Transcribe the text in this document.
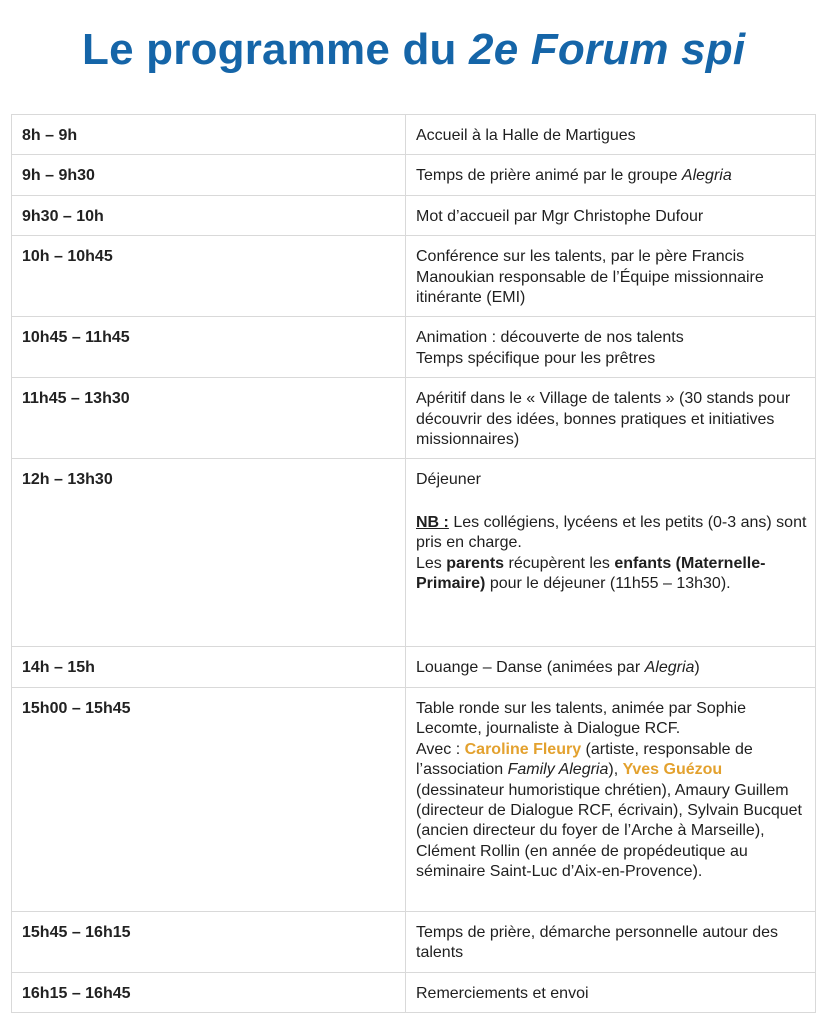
Le programme du 2e Forum spi
8h – 9h	Accueil à la Halle de Martigues
9h – 9h30	Temps de prière animé par le groupe Alegria
9h30 – 10h	Mot d’accueil par Mgr Christophe Dufour
10h – 10h45	Conférence sur les talents, par le père Francis Manoukian responsable de l’Équipe missionnaire itinérante (EMI)
10h45 – 11h45	Animation : découverte de nos talents
Temps spécifique pour les prêtres
11h45 – 13h30	Apéritif dans le « Village de talents » (30 stands pour découvrir des idées, bonnes pratiques et initiatives missionnaires)
12h – 13h30	Déjeuner
NB : Les collégiens, lycéens et les petits (0-3 ans) sont pris en charge.
Les parents récupèrent les enfants (Maternelle-Primaire) pour le déjeuner (11h55 – 13h30).
14h – 15h	Louange – Danse (animées par Alegria)
15h00 – 15h45	Table ronde sur les talents, animée par Sophie Lecomte, journaliste à Dialogue RCF.
Avec : Caroline Fleury (artiste, responsable de l’association Family Alegria), Yves Guézou (dessinateur humoristique chrétien), Amaury Guillem (directeur de Dialogue RCF, écrivain), Sylvain Bucquet (ancien directeur du foyer de l’Arche à Marseille), Clément Rollin (en année de propédeutique au séminaire Saint-Luc d’Aix-en-Provence).
15h45 – 16h15	Temps de prière, démarche personnelle autour des talents
16h15 – 16h45	Remerciements et envoi
